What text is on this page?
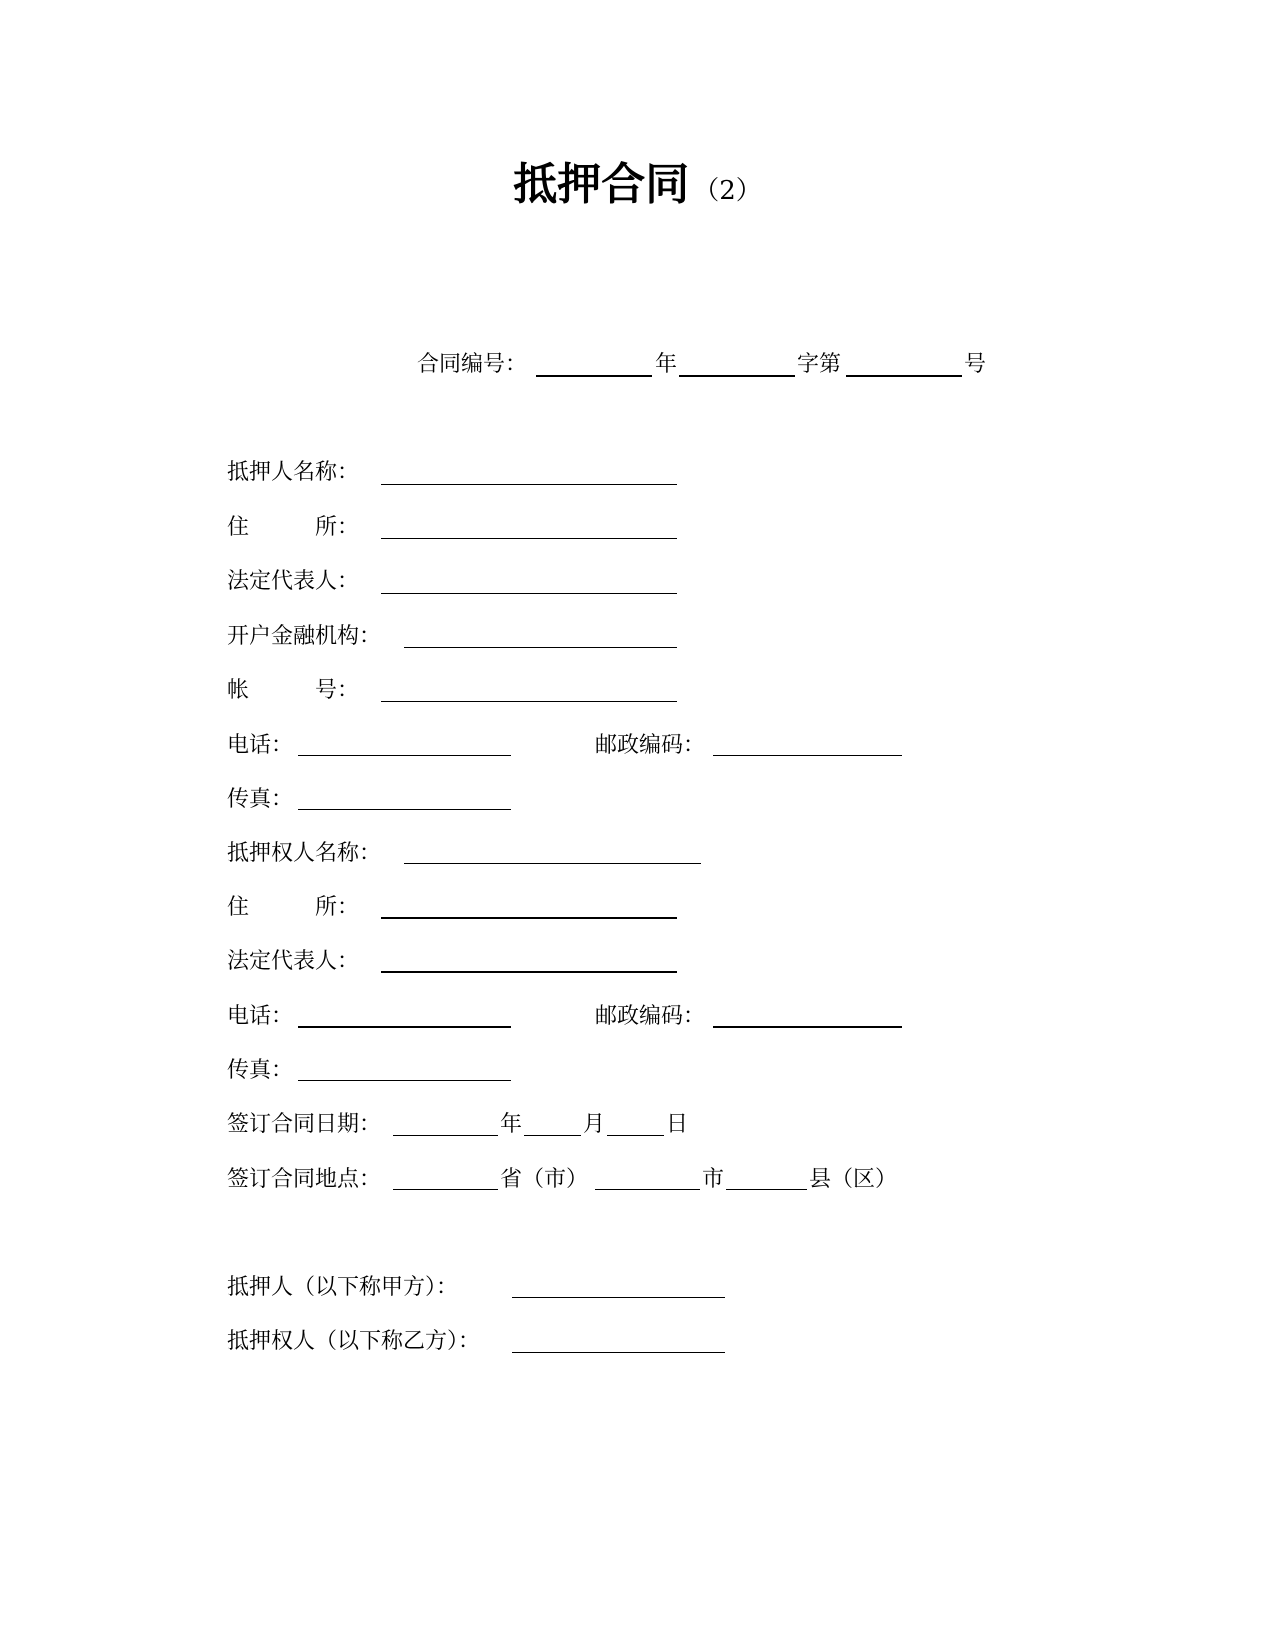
抵押合同 （2）
合同编号：	年	字第	号
抵押人名称：
住　　　所：
法定代表人：
开户金融机构：
帐　　　号：
电话：	邮政编码：
传真：
抵押权人名称：
住　　　所：
法定代表人：
电话：	邮政编码：
传真：
签订合同日期：	年	月	日
签订合同地点：	省（市）	市	县（区）
抵押人（以下称甲方）：
抵押权人（以下称乙方）：
